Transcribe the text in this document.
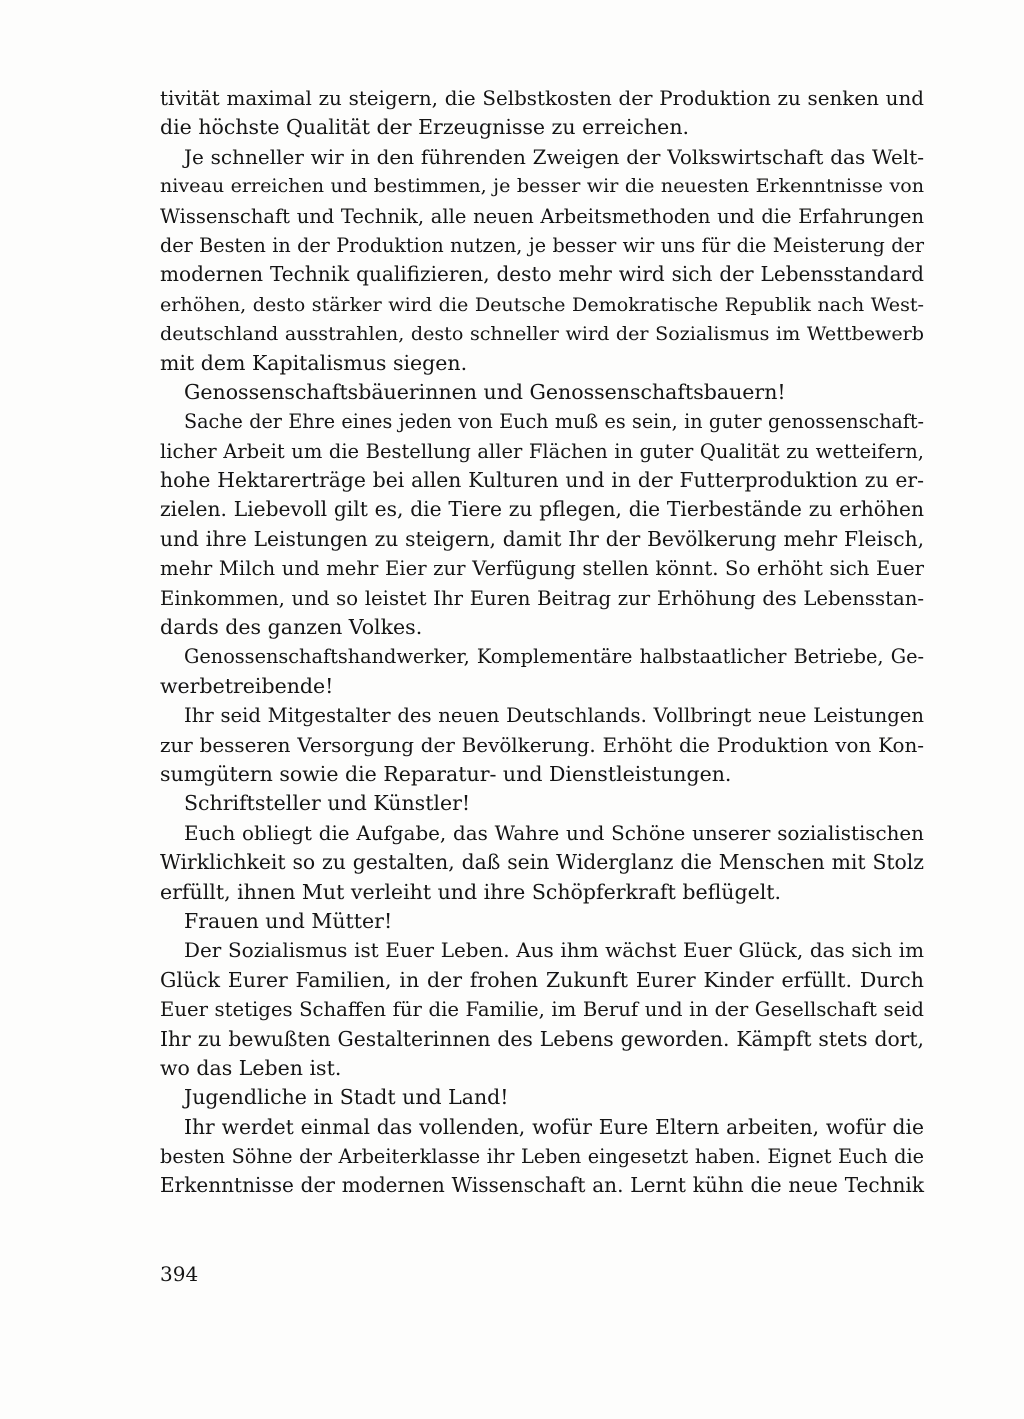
tivität maximal zu steigern, die Selbstkosten der Produktion zu senken und
die höchste Qualität der Erzeugnisse zu erreichen.
Je schneller wir in den führenden Zweigen der Volkswirtschaft das Welt-
niveau erreichen und bestimmen, je besser wir die neuesten Erkenntnisse von
Wissenschaft und Technik, alle neuen Arbeitsmethoden und die Erfahrungen
der Besten in der Produktion nutzen, je besser wir uns für die Meisterung der
modernen Technik qualifizieren, desto mehr wird sich der Lebensstandard
erhöhen, desto stärker wird die Deutsche Demokratische Republik nach West-
deutschland ausstrahlen, desto schneller wird der Sozialismus im Wettbewerb
mit dem Kapitalismus siegen.
Genossenschaftsbäuerinnen und Genossenschaftsbauern!
Sache der Ehre eines jeden von Euch muß es sein, in guter genossenschaft-
licher Arbeit um die Bestellung aller Flächen in guter Qualität zu wetteifern,
hohe Hektarerträge bei allen Kulturen und in der Futterproduktion zu er-
zielen. Liebevoll gilt es, die Tiere zu pflegen, die Tierbestände zu erhöhen
und ihre Leistungen zu steigern, damit Ihr der Bevölkerung mehr Fleisch,
mehr Milch und mehr Eier zur Verfügung stellen könnt. So erhöht sich Euer
Einkommen, und so leistet Ihr Euren Beitrag zur Erhöhung des Lebensstan-
dards des ganzen Volkes.
Genossenschaftshandwerker, Komplementäre halbstaatlicher Betriebe, Ge-
werbetreibende!
Ihr seid Mitgestalter des neuen Deutschlands. Vollbringt neue Leistungen
zur besseren Versorgung der Bevölkerung. Erhöht die Produktion von Kon-
sumgütern sowie die Reparatur- und Dienstleistungen.
Schriftsteller und Künstler!
Euch obliegt die Aufgabe, das Wahre und Schöne unserer sozialistischen
Wirklichkeit so zu gestalten, daß sein Widerglanz die Menschen mit Stolz
erfüllt, ihnen Mut verleiht und ihre Schöpferkraft beflügelt.
Frauen und Mütter!
Der Sozialismus ist Euer Leben. Aus ihm wächst Euer Glück, das sich im
Glück Eurer Familien, in der frohen Zukunft Eurer Kinder erfüllt. Durch
Euer stetiges Schaffen für die Familie, im Beruf und in der Gesellschaft seid
Ihr zu bewußten Gestalterinnen des Lebens geworden. Kämpft stets dort,
wo das Leben ist.
Jugendliche in Stadt und Land!
Ihr werdet einmal das vollenden, wofür Eure Eltern arbeiten, wofür die
besten Söhne der Arbeiterklasse ihr Leben eingesetzt haben. Eignet Euch die
Erkenntnisse der modernen Wissenschaft an. Lernt kühn die neue Technik
394
